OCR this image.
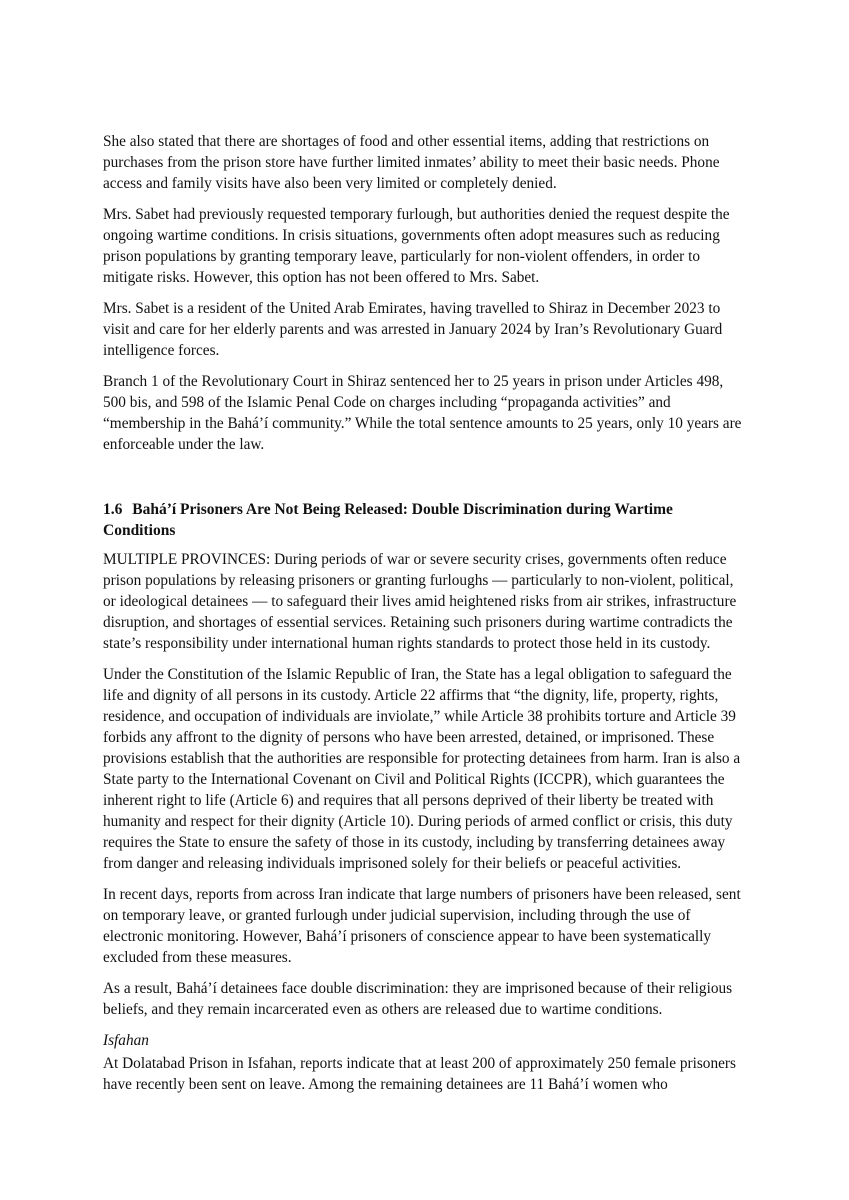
She also stated that there are shortages of food and other essential items, adding that restrictions on purchases from the prison store have further limited inmates’ ability to meet their basic needs. Phone access and family visits have also been very limited or completely denied.

Mrs. Sabet had previously requested temporary furlough, but authorities denied the request despite the ongoing wartime conditions. In crisis situations, governments often adopt measures such as reducing prison populations by granting temporary leave, particularly for non-violent offenders, in order to mitigate risks. However, this option has not been offered to Mrs. Sabet.

Mrs. Sabet is a resident of the United Arab Emirates, having travelled to Shiraz in December 2023 to visit and care for her elderly parents and was arrested in January 2024 by Iran’s Revolutionary Guard intelligence forces.

Branch 1 of the Revolutionary Court in Shiraz sentenced her to 25 years in prison under Articles 498, 500 bis, and 598 of the Islamic Penal Code on charges including “propaganda activities” and “membership in the Bahá’í community.” While the total sentence amounts to 25 years, only 10 years are enforceable under the law.

1.6 Bahá’í Prisoners Are Not Being Released: Double Discrimination during Wartime Conditions

MULTIPLE PROVINCES: During periods of war or severe security crises, governments often reduce prison populations by releasing prisoners or granting furloughs — particularly to non-violent, political, or ideological detainees — to safeguard their lives amid heightened risks from air strikes, infrastructure disruption, and shortages of essential services. Retaining such prisoners during wartime contradicts the state’s responsibility under international human rights standards to protect those held in its custody.

Under the Constitution of the Islamic Republic of Iran, the State has a legal obligation to safeguard the life and dignity of all persons in its custody. Article 22 affirms that “the dignity, life, property, rights, residence, and occupation of individuals are inviolate,” while Article 38 prohibits torture and Article 39 forbids any affront to the dignity of persons who have been arrested, detained, or imprisoned. These provisions establish that the authorities are responsible for protecting detainees from harm. Iran is also a State party to the International Covenant on Civil and Political Rights (ICCPR), which guarantees the inherent right to life (Article 6) and requires that all persons deprived of their liberty be treated with humanity and respect for their dignity (Article 10). During periods of armed conflict or crisis, this duty requires the State to ensure the safety of those in its custody, including by transferring detainees away from danger and releasing individuals imprisoned solely for their beliefs or peaceful activities.

In recent days, reports from across Iran indicate that large numbers of prisoners have been released, sent on temporary leave, or granted furlough under judicial supervision, including through the use of electronic monitoring. However, Bahá’í prisoners of conscience appear to have been systematically excluded from these measures.

As a result, Bahá’í detainees face double discrimination: they are imprisoned because of their religious beliefs, and they remain incarcerated even as others are released due to wartime conditions.

Isfahan

At Dolatabad Prison in Isfahan, reports indicate that at least 200 of approximately 250 female prisoners have recently been sent on leave. Among the remaining detainees are 11 Bahá’í women who
